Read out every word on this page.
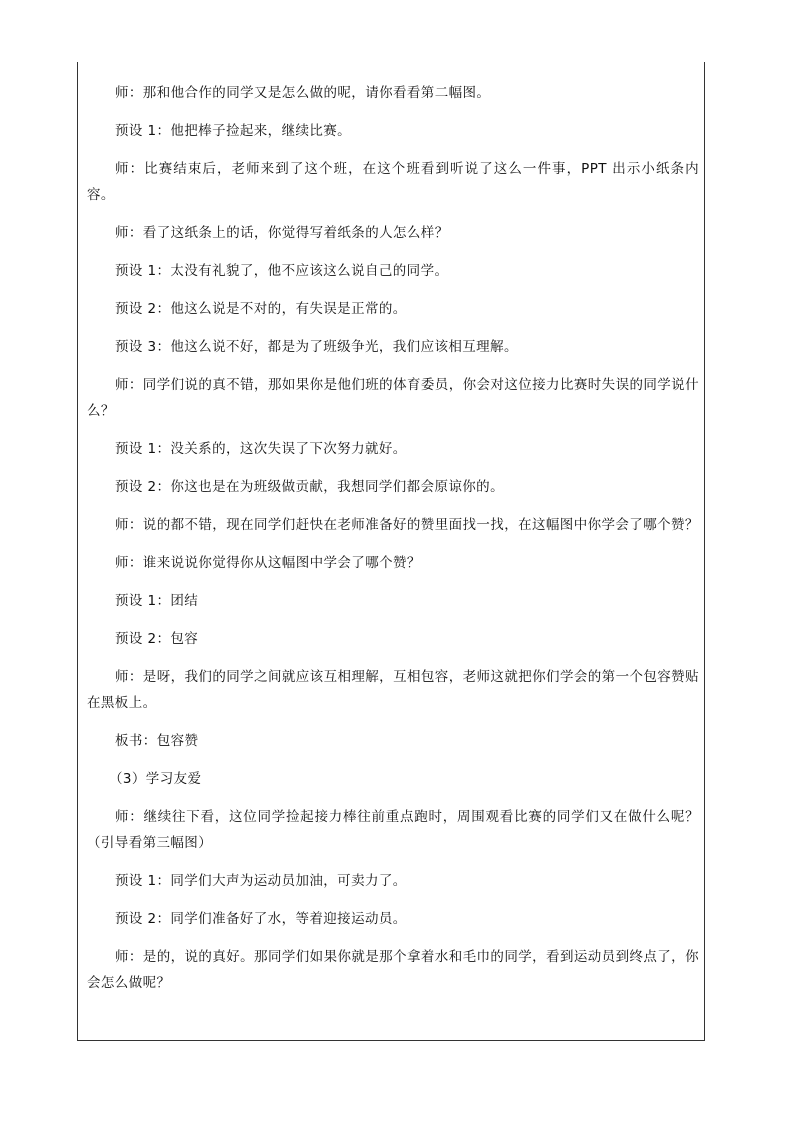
师：那和他合作的同学又是怎么做的呢，请你看看第二幅图。

预设 1：他把棒子捡起来，继续比赛。

师：比赛结束后，老师来到了这个班，在这个班看到听说了这么一件事，PPT 出示小纸条内容。

师：看了这纸条上的话，你觉得写着纸条的人怎么样？

预设 1：太没有礼貌了，他不应该这么说自己的同学。

预设 2：他这么说是不对的，有失误是正常的。

预设 3：他这么说不好，都是为了班级争光，我们应该相互理解。

师：同学们说的真不错，那如果你是他们班的体育委员，你会对这位接力比赛时失误的同学说什么？

预设 1：没关系的，这次失误了下次努力就好。

预设 2：你这也是在为班级做贡献，我想同学们都会原谅你的。

师：说的都不错，现在同学们赶快在老师准备好的赞里面找一找，在这幅图中你学会了哪个赞？

师：谁来说说你觉得你从这幅图中学会了哪个赞？

预设 1：团结

预设 2：包容

师：是呀，我们的同学之间就应该互相理解，互相包容，老师这就把你们学会的第一个包容赞贴在黑板上。

板书：包容赞

（3）学习友爱

师：继续往下看，这位同学捡起接力棒往前重点跑时，周围观看比赛的同学们又在做什么呢？（引导看第三幅图）

预设 1：同学们大声为运动员加油，可卖力了。

预设 2：同学们准备好了水，等着迎接运动员。

师：是的，说的真好。那同学们如果你就是那个拿着水和毛巾的同学，看到运动员到终点了，你会怎么做呢？
